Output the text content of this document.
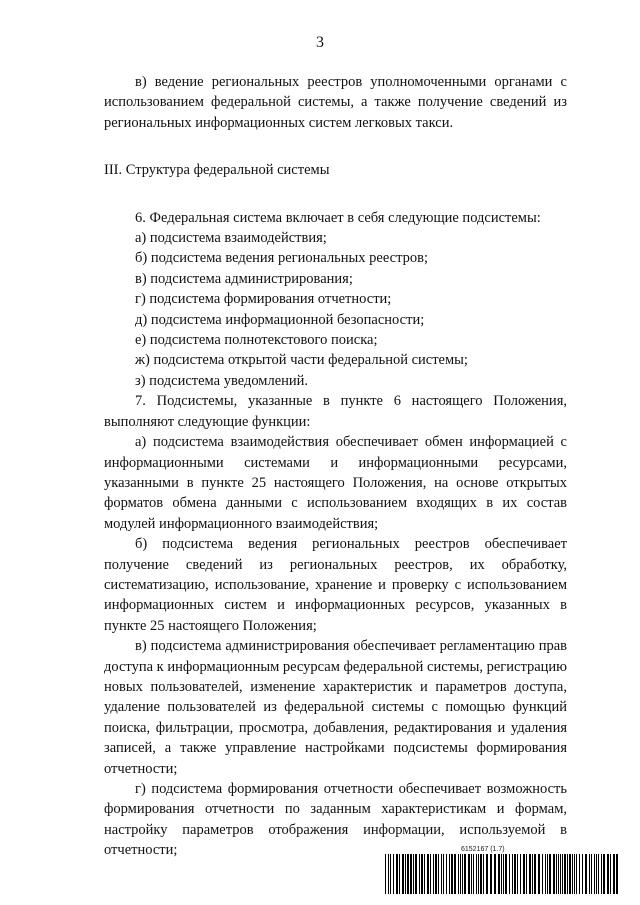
3

в) ведение региональных реестров уполномоченными органами с использованием федеральной системы, а также получение сведений из региональных информационных систем легковых такси.

III. Структура федеральной системы

6. Федеральная система включает в себя следующие подсистемы:

а) подсистема взаимодействия;

б) подсистема ведения региональных реестров;

в) подсистема администрирования;

г) подсистема формирования отчетности;

д) подсистема информационной безопасности;

е) подсистема полнотекстового поиска;

ж) подсистема открытой части федеральной системы;

з) подсистема уведомлений.

7. Подсистемы, указанные в пункте 6 настоящего Положения, выполняют следующие функции:

а) подсистема взаимодействия обеспечивает обмен информацией с информационными системами и информационными ресурсами, указанными в пункте 25 настоящего Положения, на основе открытых форматов обмена данными с использованием входящих в их состав модулей информационного взаимодействия;

б) подсистема ведения региональных реестров обеспечивает получение сведений из региональных реестров, их обработку, систематизацию, использование, хранение и проверку с использованием информационных систем и информационных ресурсов, указанных в пункте 25 настоящего Положения;

в) подсистема администрирования обеспечивает регламентацию прав доступа к информационным ресурсам федеральной системы, регистрацию новых пользователей, изменение характеристик и параметров доступа, удаление пользователей из федеральной системы с помощью функций поиска, фильтрации, просмотра, добавления, редактирования и удаления записей, а также управление настройками подсистемы формирования отчетности;

г) подсистема формирования отчетности обеспечивает возможность формирования отчетности по заданным характеристикам и формам, настройку параметров отображения информации, используемой в отчетности;	6152167 (1.7)
